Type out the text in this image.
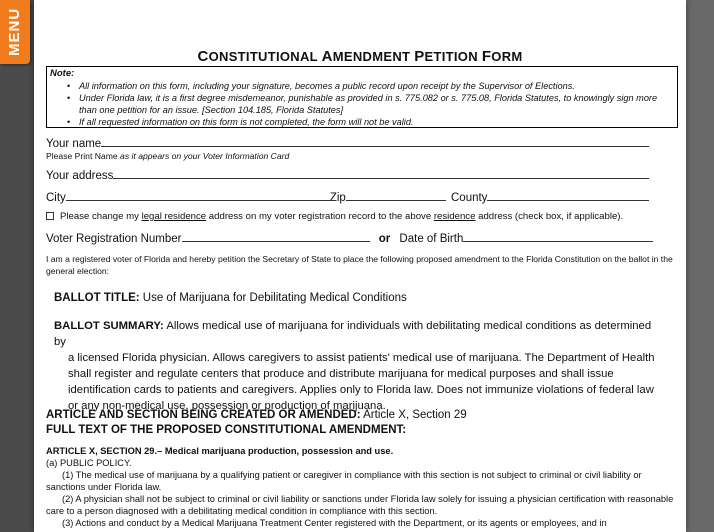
CONSTITUTIONAL AMENDMENT PETITION FORM
Note:
• All information on this form, including your signature, becomes a public record upon receipt by the Supervisor of Elections.
• Under Florida law, it is a first degree misdemeanor, punishable as provided in s. 775.082 or s. 775.08, Florida Statutes, to knowingly sign more than one petition for an issue. [Section 104.185, Florida Statutes]
• If all requested information on this form is not completed, the form will not be valid.
Your name
Please Print Name as it appears on your Voter Information Card
Your address
City	Zip	County
Please change my legal residence address on my voter registration record to the above residence address (check box, if applicable).
Voter Registration Number	or Date of Birth
I am a registered voter of Florida and hereby petition the Secretary of State to place the following proposed amendment to the Florida Constitution on the ballot in the general election:
BALLOT TITLE: Use of Marijuana for Debilitating Medical Conditions
BALLOT SUMMARY: Allows medical use of marijuana for individuals with debilitating medical conditions as determined by
a licensed Florida physician. Allows caregivers to assist patients' medical use of marijuana. The Department of Health shall register and regulate centers that produce and distribute marijuana for medical purposes and shall issue identification cards to patients and caregivers. Applies only to Florida law. Does not immunize violations of federal law or any non-medical use, possession or production of marijuana.
ARTICLE AND SECTION BEING CREATED OR AMENDED: Article X, Section 29
FULL TEXT OF THE PROPOSED CONSTITUTIONAL AMENDMENT:
ARTICLE X, SECTION 29.– Medical marijuana production, possession and use.
(a) PUBLIC POLICY.
(1) The medical use of marijuana by a qualifying patient or caregiver in compliance with this section is not subject to criminal or civil liability or sanctions under Florida law.
(2) A physician shall not be subject to criminal or civil liability or sanctions under Florida law solely for issuing a physician certification with reasonable care to a person diagnosed with a debilitating medical condition in compliance with this section.
(3) Actions and conduct by a Medical Marijuana Treatment Center registered with the Department, or its agents or employees, and in
MENU
